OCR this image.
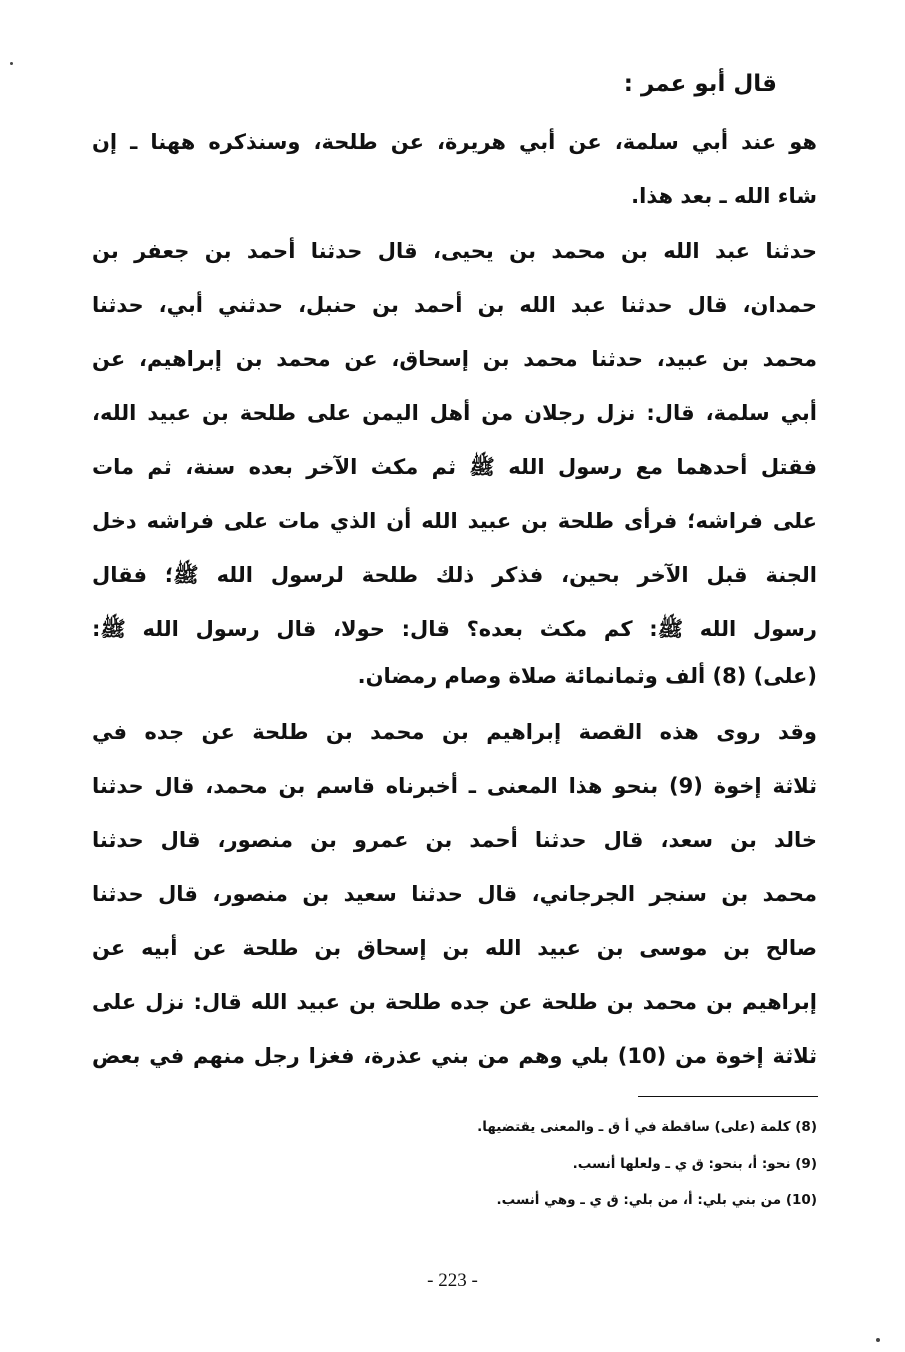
قال أبو عمر :
هو عند أبي سلمة، عن أبي هريرة، عن طلحة، وسنذكره ههنا ـ إن
شاء الله ـ بعد هذا.
حدثنا عبد الله بن محمد بن يحيى، قال حدثنا أحمد بن جعفر بن
حمدان، قال حدثنا عبد الله بن أحمد بن حنبل، حدثني أبي، حدثنا
محمد بن عبيد، حدثنا محمد بن إسحاق، عن محمد بن إبراهيم، عن
أبي سلمة، قال: نزل رجلان من أهل اليمن على طلحة بن عبيد الله،
فقتل أحدهما مع رسول الله ﷺ ثم مكث الآخر بعده سنة، ثم مات
على فراشه؛ فرأى طلحة بن عبيد الله أن الذي مات على فراشه دخل
الجنة قبل الآخر بحين، فذكر ذلك طلحة لرسول الله ﷺ؛ فقال
رسول الله ﷺ: كم مكث بعده؟ قال: حولا، قال رسول الله ﷺ:
(على) (8) ألف وثمانمائة صلاة وصام رمضان.
وقد روى هذه القصة إبراهيم بن محمد بن طلحة عن جده في
ثلاثة إخوة (9) بنحو هذا المعنى ـ أخبرناه قاسم بن محمد، قال حدثنا
خالد بن سعد، قال حدثنا أحمد بن عمرو بن منصور، قال حدثنا
محمد بن سنجر الجرجاني، قال حدثنا سعيد بن منصور، قال حدثنا
صالح بن موسى بن عبيد الله بن إسحاق بن طلحة عن أبيه عن
إبراهيم بن محمد بن طلحة عن جده طلحة بن عبيد الله قال: نزل على
ثلاثة إخوة من (10) بلي وهم من بني عذرة، فغزا رجل منهم في بعض
(8) كلمة (على) ساقطة في أ ق ـ والمعنى يقتضيها.
(9) نحو: أ، بنحو: ق ي ـ ولعلها أنسب.
(10) من بني بلي: أ، من بلي: ق ي ـ وهي أنسب.
- 223 -
